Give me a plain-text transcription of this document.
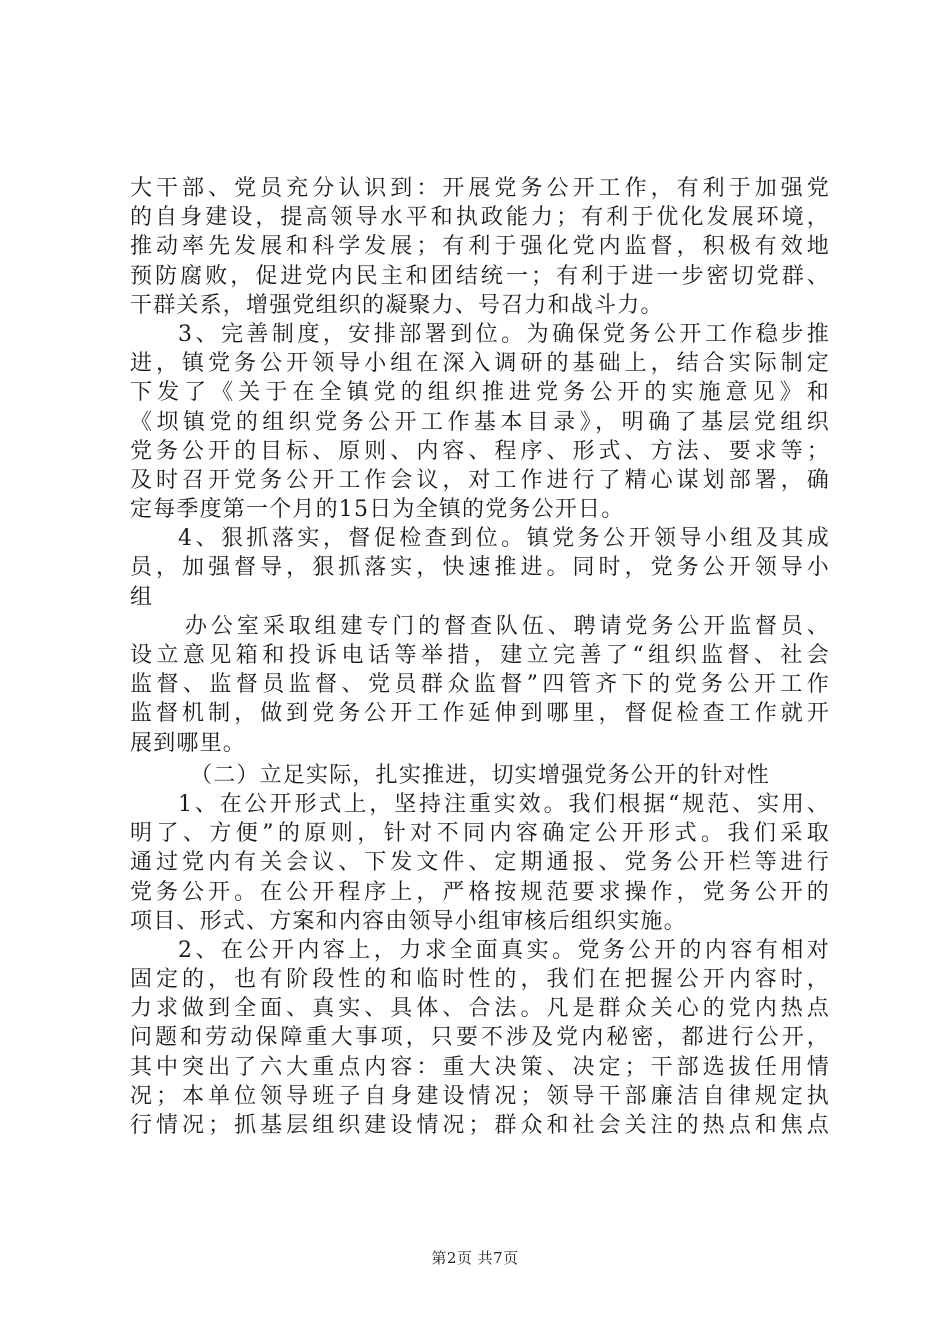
大干部、党员充分认识到：开展党务公开工作，有利于加强党
的自身建设，提高领导水平和执政能力；有利于优化发展环境，
推动率先发展和科学发展；有利于强化党内监督，积极有效地
预防腐败，促进党内民主和团结统一；有利于进一步密切党群、
干群关系，增强党组织的凝聚力、号召力和战斗力。
3、完善制度，安排部署到位。为确保党务公开工作稳步推
进，镇党务公开领导小组在深入调研的基础上，结合实际制定
下发了《关于在全镇党的组织推进党务公开的实施意见》和
《坝镇党的组织党务公开工作基本目录》，明确了基层党组织
党务公开的目标、原则、内容、程序、形式、方法、要求等；
及时召开党务公开工作会议，对工作进行了精心谋划部署，确
定每季度第一个月的15日为全镇的党务公开日。
4、狠抓落实，督促检查到位。镇党务公开领导小组及其成
员，加强督导，狠抓落实，快速推进。同时，党务公开领导小
组
办公室采取组建专门的督查队伍、聘请党务公开监督员、
设立意见箱和投诉电话等举措，建立完善了“组织监督、社会
监督、监督员监督、党员群众监督”四管齐下的党务公开工作
监督机制，做到党务公开工作延伸到哪里，督促检查工作就开
展到哪里。
（二）立足实际，扎实推进，切实增强党务公开的针对性
1、在公开形式上，坚持注重实效。我们根据“规范、实用、
明了、方便”的原则，针对不同内容确定公开形式。我们采取
通过党内有关会议、下发文件、定期通报、党务公开栏等进行
党务公开。在公开程序上，严格按规范要求操作，党务公开的
项目、形式、方案和内容由领导小组审核后组织实施。
2、在公开内容上，力求全面真实。党务公开的内容有相对
固定的，也有阶段性的和临时性的，我们在把握公开内容时，
力求做到全面、真实、具体、合法。凡是群众关心的党内热点
问题和劳动保障重大事项，只要不涉及党内秘密，都进行公开，
其中突出了六大重点内容：重大决策、决定；干部选拔任用情
况；本单位领导班子自身建设情况；领导干部廉洁自律规定执
行情况；抓基层组织建设情况；群众和社会关注的热点和焦点
第2页 共7页
